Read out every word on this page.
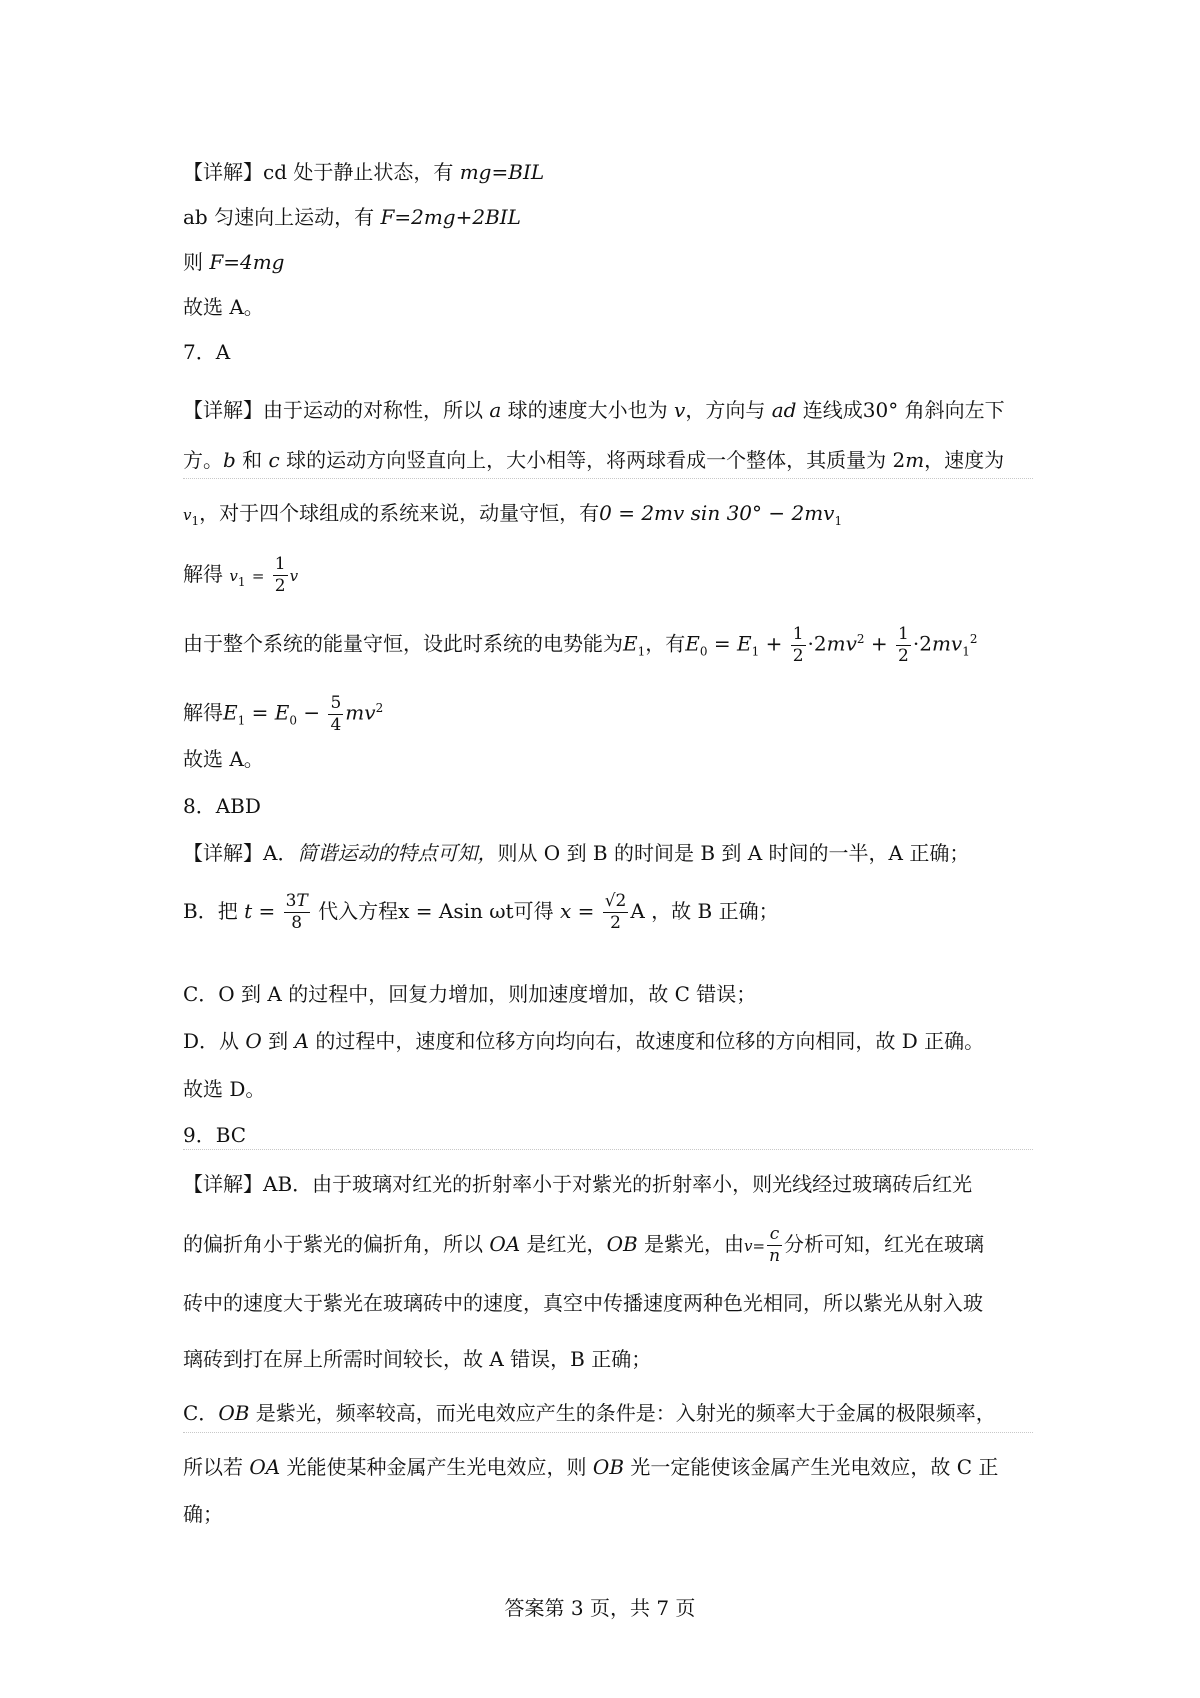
【详解】cd 处于静止状态，有 mg=BIL
ab 匀速向上运动，有 F=2mg+2BIL
则 F=4mg
故选 A。
7．A
【详解】由于运动的对称性，所以 a 球的速度大小也为 v，方向与 ad 连线成30° 角斜向左下
方。b 和 c 球的运动方向竖直向上，大小相等，将两球看成一个整体，其质量为 2m，速度为
$v_1$，对于四个球组成的系统来说，动量守恒，有0 = 2mv $\sin 30^\circ - 2mv_1$
解得 $v_1 = \frac{1}{2}$ v
由于整个系统的能量守恒，设此时系统的电势能为$E_1$，有$E_0 = E_1 + \frac{1}{2} \cdot 2mv^2 + \frac{1}{2} \cdot 2mv_1^2$
解得$E_1 = E_0 - \frac{5}{4} mv^2$
故选 A。
8．ABD
【详解】A．简谐运动的特点可知，则从 O 到 B 的时间是 B 到 A 时间的一半，A 正确；
B．把 $t = \frac{3T}{8}$ 代入方程x = Asin ωt可得 $x = \frac{√2}{2}$ A ，故 B 正确；
C．O 到 A 的过程中，回复力增加，则加速度增加，故 C 错误；
D．从 O 到 A 的过程中，速度和位移方向均向右，故速度和位移的方向相同，故 D 正确。
故选 D。
9．BC
【详解】AB．由于玻璃对红光的折射率小于对紫光的折射率小，则光线经过玻璃砖后红光
的偏折角小于紫光的偏折角，所以 OA 是红光，OB 是紫光，由$v= \frac{c}{n}$ 分析可知，红光在玻璃
砖中的速度大于紫光在玻璃砖中的速度，真空中传播速度两种色光相同，所以紫光从射入玻
璃砖到打在屏上所需时间较长，故 A 错误，B 正确；
C．OB 是紫光，频率较高，而光电效应产生的条件是：入射光的频率大于金属的极限频率，
所以若 OA 光能使某种金属产生光电效应，则 OB 光一定能使该金属产生光电效应，故 C 正
确；
答案第 3 页，共 7 页
